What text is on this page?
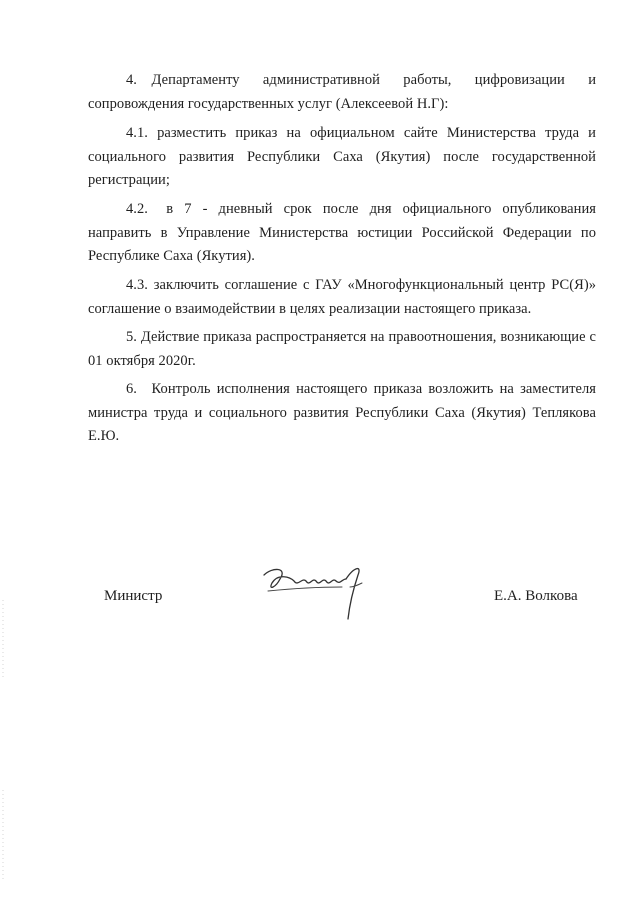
4. Департаменту административной работы, цифровизации и сопровождения государственных услуг (Алексеевой Н.Г):

4.1. разместить приказ на официальном сайте Министерства труда и социального развития Республики Саха (Якутия) после государственной регистрации;

4.2.  в 7 - дневный срок после дня официального опубликования направить в Управление Министерства юстиции Российской Федерации по Республике Саха (Якутия).

4.3. заключить соглашение с ГАУ «Многофункциональный центр РС(Я)» соглашение о взаимодействии в целях реализации настоящего приказа.

5. Действие приказа распространяется на правоотношения, возникающие с 01 октября 2020г.

6. Контроль исполнения настоящего приказа возложить на заместителя министра труда и социального развития Республики Саха (Якутия) Теплякова Е.Ю.

Министр	Е.А. Волкова
